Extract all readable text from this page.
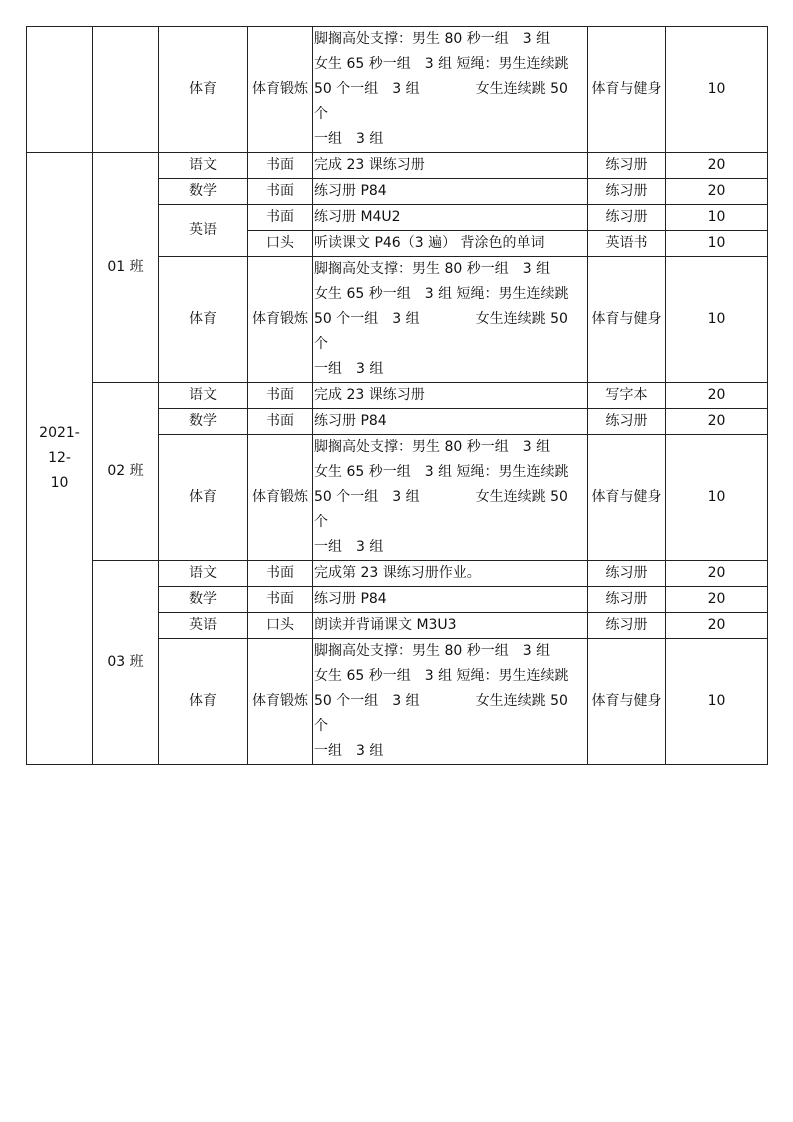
		体育	体育锻炼	脚搁高处支撑：男生 80 秒一组　3 组
女生 65 秒一组　3 组 短绳：男生连续跳
50 个一组　3 组　　　　女生连续跳 50 个
一组　3 组	体育与健身	10
2021-12-
10	01 班	语文	书面	完成 23 课练习册	练习册	20
		数学	书面	练习册 P84	练习册	20
		英语	书面	练习册 M4U2	练习册	10
			口头	听读课文 P46（3 遍） 背涂色的单词	英语书	10
		体育	体育锻炼	脚搁高处支撑：男生 80 秒一组　3 组
女生 65 秒一组　3 组 短绳：男生连续跳
50 个一组　3 组　　　　女生连续跳 50 个
一组　3 组	体育与健身	10
	02 班	语文	书面	完成 23 课练习册	写字本	20
		数学	书面	练习册 P84	练习册	20
		体育	体育锻炼	脚搁高处支撑：男生 80 秒一组　3 组
女生 65 秒一组　3 组 短绳：男生连续跳
50 个一组　3 组　　　　女生连续跳 50 个
一组　3 组	体育与健身	10
	03 班	语文	书面	完成第 23 课练习册作业。	练习册	20
		数学	书面	练习册 P84	练习册	20
		英语	口头	朗读并背诵课文 M3U3	练习册	20
		体育	体育锻炼	脚搁高处支撑：男生 80 秒一组　3 组
女生 65 秒一组　3 组 短绳：男生连续跳
50 个一组　3 组　　　　女生连续跳 50 个
一组　3 组	体育与健身	10
